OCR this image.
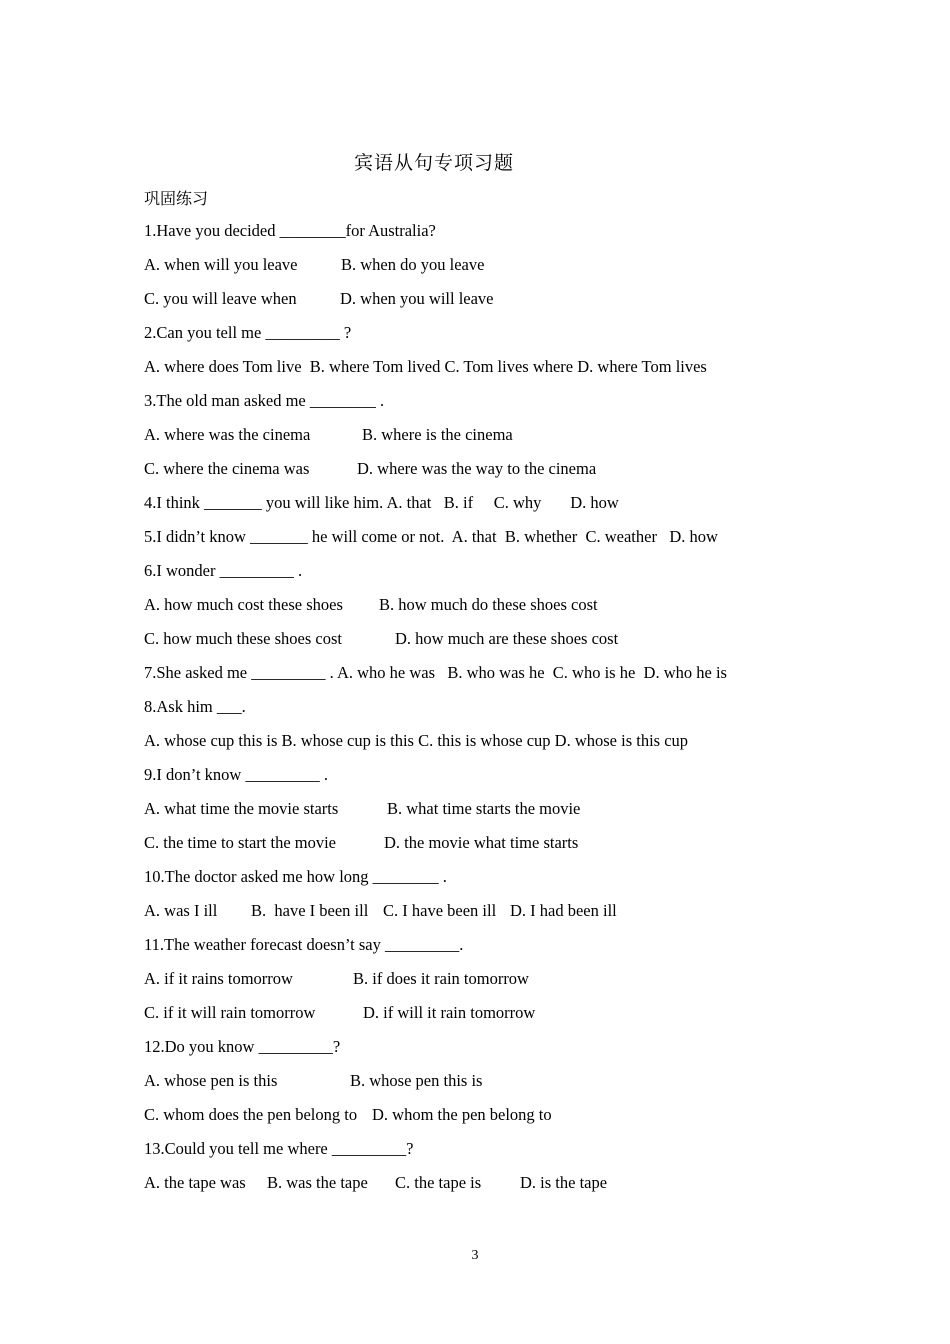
宾语从句专项习题
巩固练习
1.Have you decided ________for Australia?
A. when will you leave	B. when do you leave
C. you will leave when	D. when you will leave
2.Can you tell me _________ ?
A. where does Tom live  B. where Tom lived C. Tom lives where D. where Tom lives
3.The old man asked me ________ .
A. where was the cinema	B. where is the cinema
C. where the cinema was	D. where was the way to the cinema
4.I think _______ you will like him. A. that   B. if     C. why       D. how
5.I didn’t know _______ he will come or not.  A. that  B. whether  C. weather   D. how
6.I wonder _________ .
A. how much cost these shoes B. how much do these shoes cost
C. how much these shoes cost	D. how much are these shoes cost
7.She asked me _________ . A. who he was   B. who was he  C. who is he  D. who he is
8.Ask him ___.
A. whose cup this is B. whose cup is this C. this is whose cup D. whose is this cup
9.I don’t know _________ .
A. what time the movie starts	B. what time starts the movie
C. the time to start the movie	D. the movie what time starts
10.The doctor asked me how long ________ .
A. was I ill B.  have I been ill C. I have been ill D. I had been ill
11.The weather forecast doesn’t say _________.
A. if it rains tomorrow	B. if does it rain tomorrow
C. if it will rain tomorrow	D. if will it rain tomorrow
12.Do you know _________?
A. whose pen is this	B. whose pen this is
C. whom does the pen belong to D. whom the pen belong to
13.Could you tell me where _________?
A. the tape was B. was the tape C. the tape is D. is the tape
3
